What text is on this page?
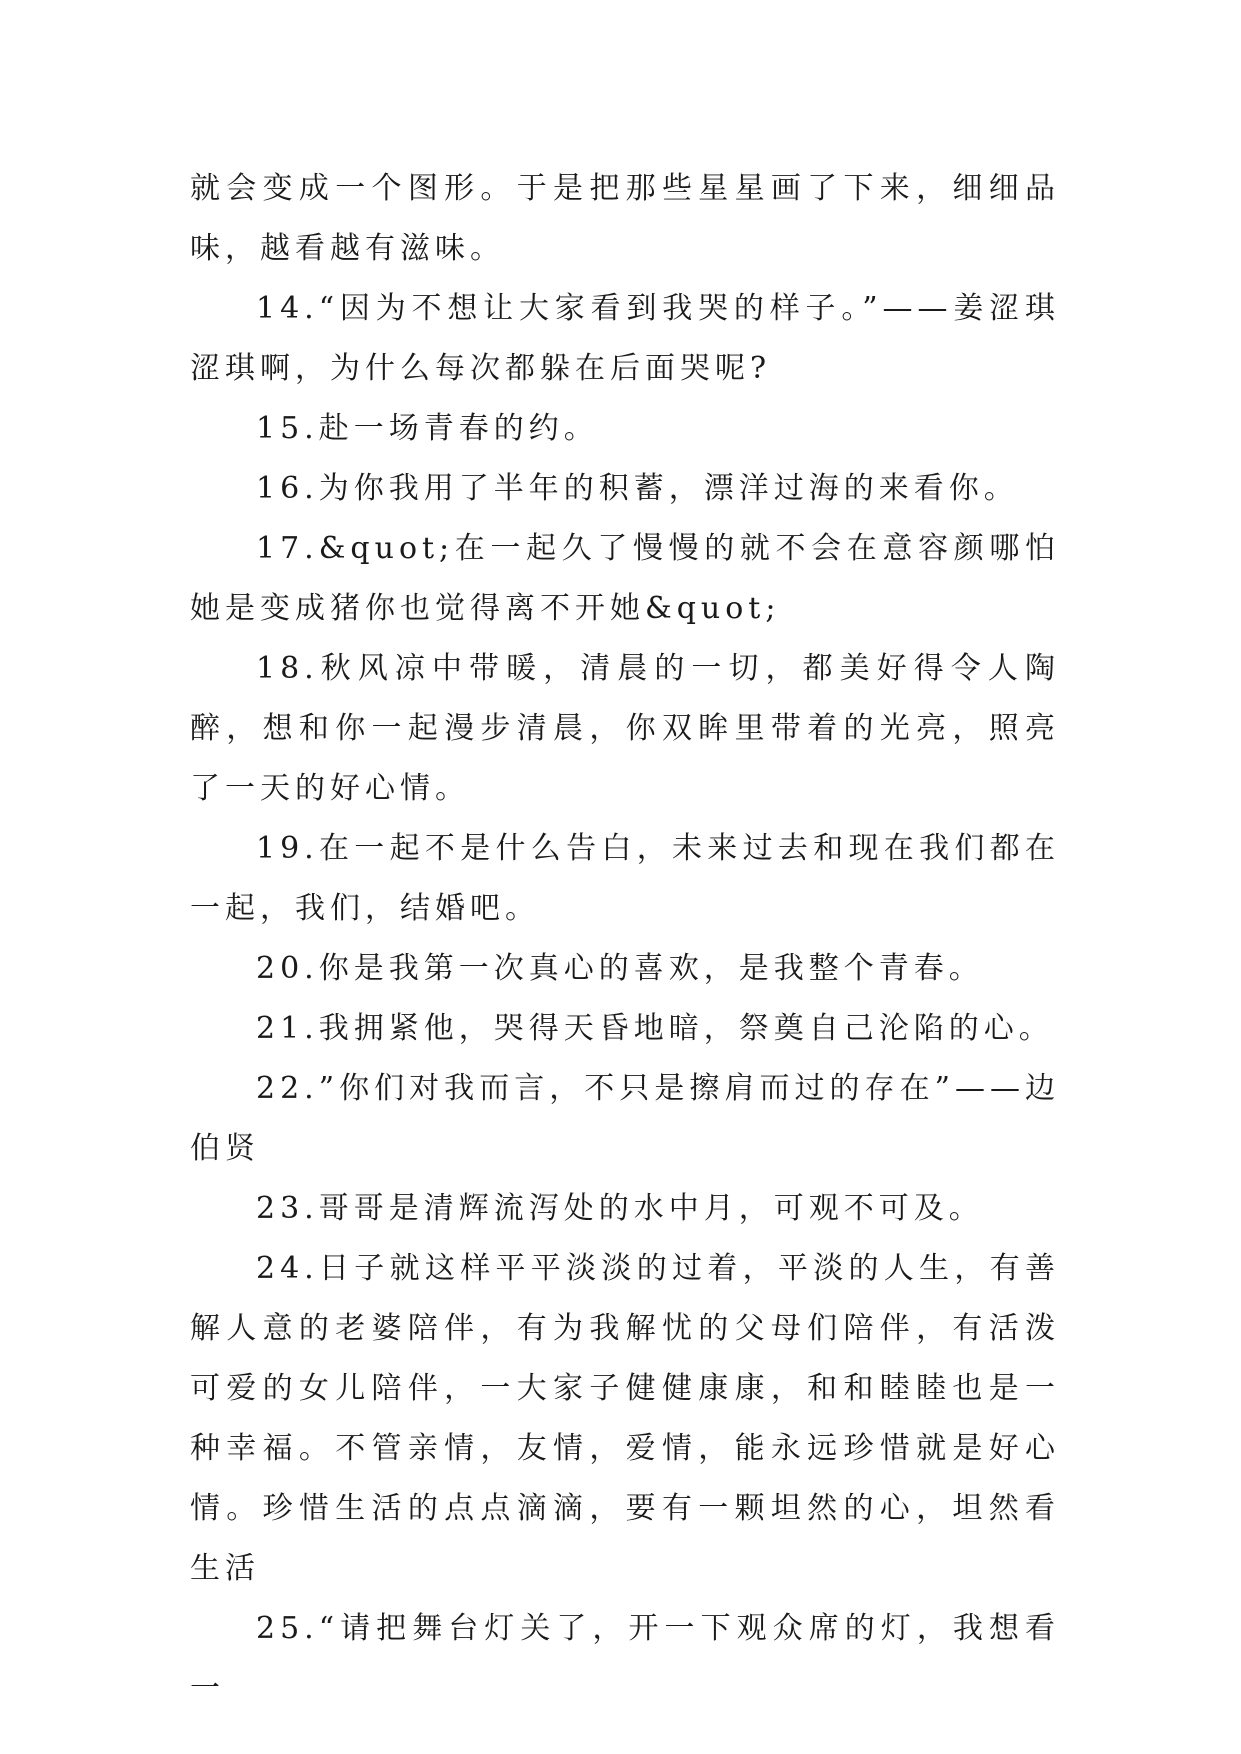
就会变成一个图形。于是把那些星星画了下来，细细品味，越看越有滋味。

14.“因为不想让大家看到我哭的样子。”——姜涩琪涩琪啊，为什么每次都躲在后面哭呢?

15.赴一场青春的约。

16.为你我用了半年的积蓄，漂洋过海的来看你。

17.&quot;在一起久了慢慢的就不会在意容颜哪怕她是变成猪你也觉得离不开她&quot;

18.秋风凉中带暖，清晨的一切，都美好得令人陶醉，想和你一起漫步清晨，你双眸里带着的光亮，照亮了一天的好心情。

19.在一起不是什么告白，未来过去和现在我们都在一起，我们，结婚吧。

20.你是我第一次真心的喜欢，是我整个青春。

21.我拥紧他，哭得天昏地暗，祭奠自己沦陷的心。

22.”你们对我而言，不只是擦肩而过的存在”——边伯贤

23.哥哥是清辉流泻处的水中月，可观不可及。

24.日子就这样平平淡淡的过着，平淡的人生，有善解人意的老婆陪伴，有为我解忧的父母们陪伴，有活泼可爱的女儿陪伴，一大家子健健康康，和和睦睦也是一种幸福。不管亲情，友情，爱情，能永远珍惜就是好心情。珍惜生活的点点滴滴，要有一颗坦然的心，坦然看生活

25.“请把舞台灯关了，开一下观众席的灯，我想看一
